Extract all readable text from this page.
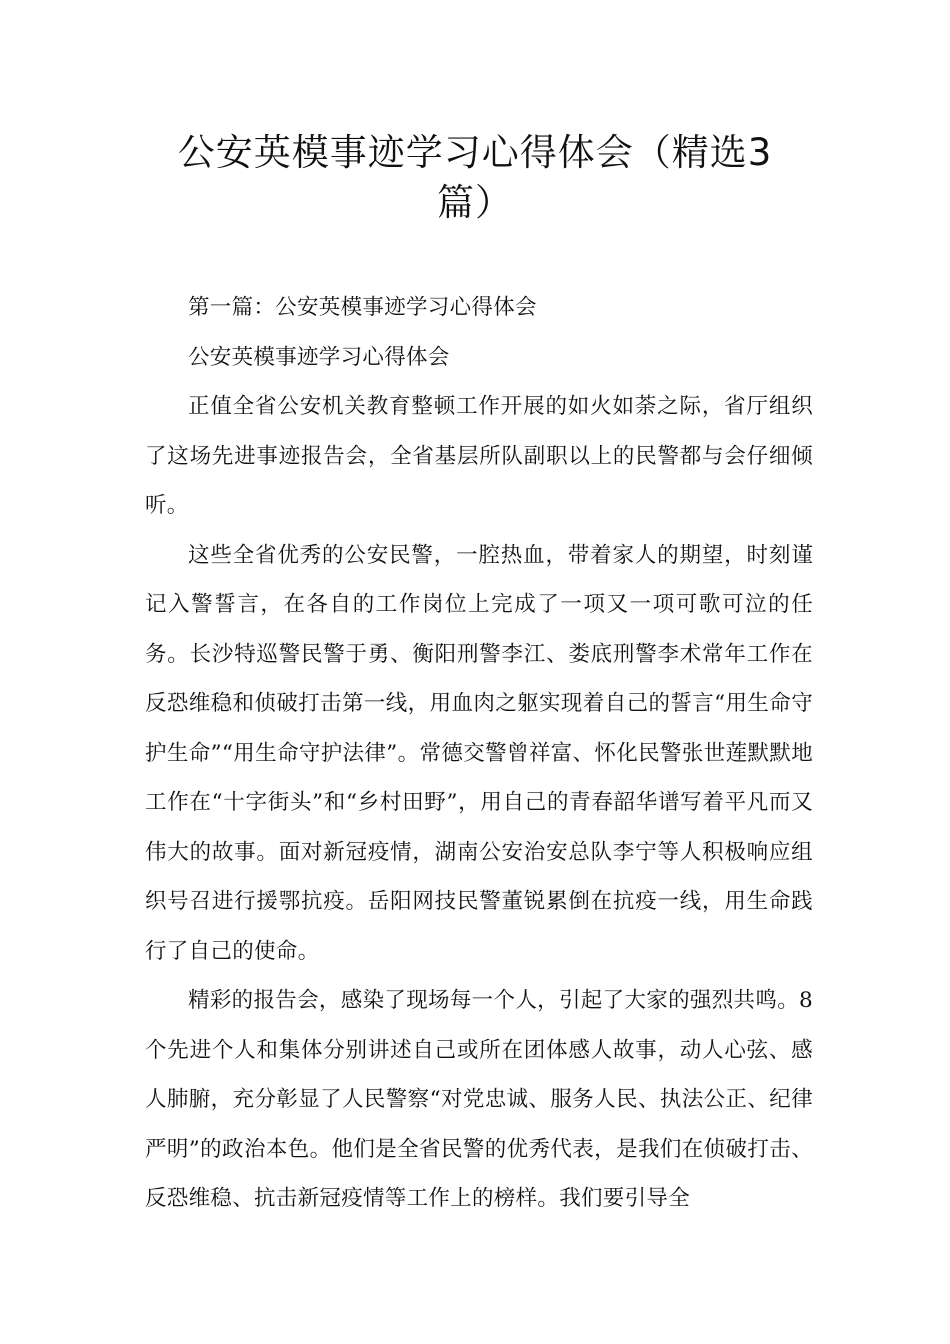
公安英模事迹学习心得体会（精选3
篇）

第一篇：公安英模事迹学习心得体会

公安英模事迹学习心得体会

正值全省公安机关教育整顿工作开展的如火如荼之际，省厅组织了这场先进事迹报告会，全省基层所队副职以上的民警都与会仔细倾听。

这些全省优秀的公安民警，一腔热血，带着家人的期望，时刻谨记入警誓言，在各自的工作岗位上完成了一项又一项可歌可泣的任务。长沙特巡警民警于勇、衡阳刑警李江、娄底刑警李术常年工作在反恐维稳和侦破打击第一线，用血肉之躯实现着自己的誓言“用生命守护生命”“用生命守护法律”。常德交警曾祥富、怀化民警张世莲默默地工作在“十字街头”和“乡村田野”，用自己的青春韶华谱写着平凡而又伟大的故事。面对新冠疫情，湖南公安治安总队李宁等人积极响应组织号召进行援鄂抗疫。岳阳网技民警董锐累倒在抗疫一线，用生命践行了自己的使命。

精彩的报告会，感染了现场每一个人，引起了大家的强烈共鸣。8个先进个人和集体分别讲述自己或所在团体感人故事，动人心弦、感人肺腑，充分彰显了人民警察“对党忠诚、服务人民、执法公正、纪律严明”的政治本色。他们是全省民警的优秀代表，是我们在侦破打击、反恐维稳、抗击新冠疫情等工作上的榜样。我们要引导全
